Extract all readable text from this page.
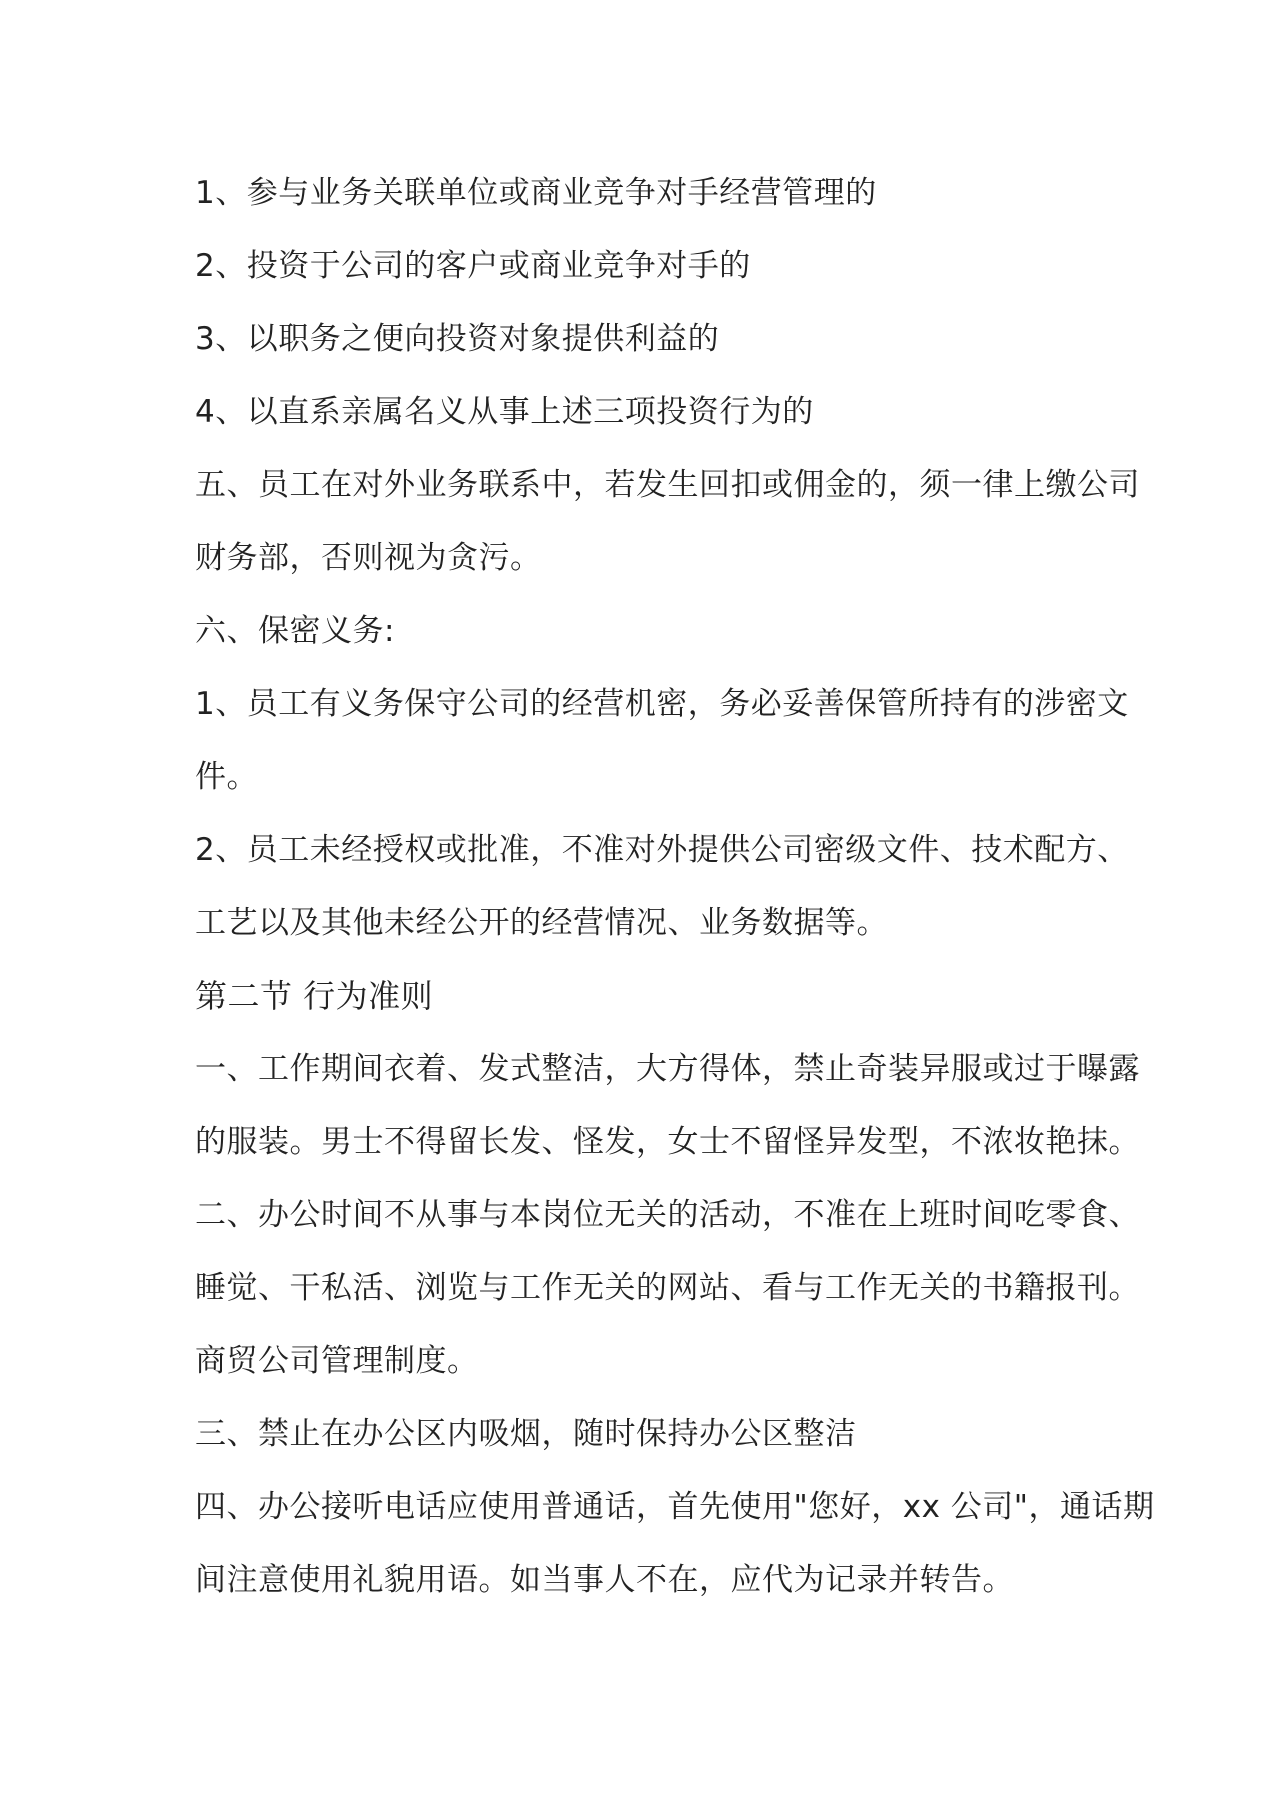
1、参与业务关联单位或商业竞争对手经营管理的
2、投资于公司的客户或商业竞争对手的
3、以职务之便向投资对象提供利益的
4、以直系亲属名义从事上述三项投资行为的
五、员工在对外业务联系中，若发生回扣或佣金的，须一律上缴公司
财务部，否则视为贪污。
六、保密义务:
1、员工有义务保守公司的经营机密，务必妥善保管所持有的涉密文
件。
2、员工未经授权或批准，不准对外提供公司密级文件、技术配方、
工艺以及其他未经公开的经营情况、业务数据等。
第二节 行为准则
一、工作期间衣着、发式整洁，大方得体，禁止奇装异服或过于曝露
的服装。男士不得留长发、怪发，女士不留怪异发型，不浓妆艳抹。
二、办公时间不从事与本岗位无关的活动，不准在上班时间吃零食、
睡觉、干私活、浏览与工作无关的网站、看与工作无关的书籍报刊。
商贸公司管理制度。
三、禁止在办公区内吸烟，随时保持办公区整洁
四、办公接听电话应使用普通话，首先使用"您好，xx 公司"，通话期
间注意使用礼貌用语。如当事人不在，应代为记录并转告。
